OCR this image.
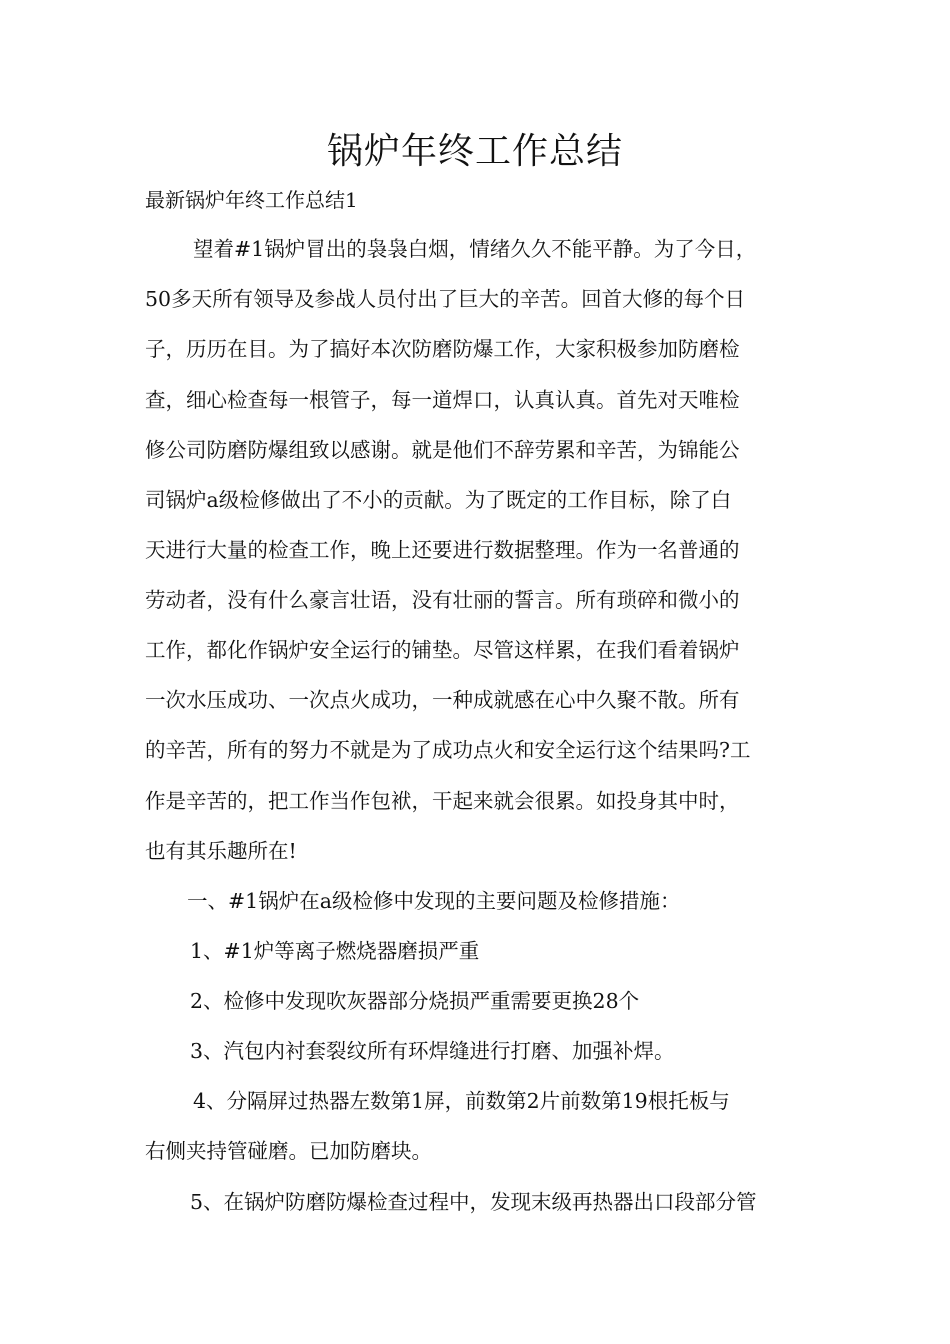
锅炉年终工作总结
最新锅炉年终工作总结1
望着#1锅炉冒出的袅袅白烟，情绪久久不能平静。为了今日，
50多天所有领导及参战人员付出了巨大的辛苦。回首大修的每个日
子，历历在目。为了搞好本次防磨防爆工作，大家积极参加防磨检
查，细心检查每一根管子，每一道焊口，认真认真。首先对天唯检
修公司防磨防爆组致以感谢。就是他们不辞劳累和辛苦，为锦能公
司锅炉a级检修做出了不小的贡献。为了既定的工作目标，除了白
天进行大量的检查工作，晚上还要进行数据整理。作为一名普通的
劳动者，没有什么豪言壮语，没有壮丽的誓言。所有琐碎和微小的
工作，都化作锅炉安全运行的铺垫。尽管这样累，在我们看着锅炉
一次水压成功、一次点火成功，一种成就感在心中久聚不散。所有
的辛苦，所有的努力不就是为了成功点火和安全运行这个结果吗?工
作是辛苦的，把工作当作包袱，干起来就会很累。如投身其中时，
也有其乐趣所在!
一、#1锅炉在a级检修中发现的主要问题及检修措施：
1、#1炉等离子燃烧器磨损严重
2、检修中发现吹灰器部分烧损严重需要更换28个
3、汽包内衬套裂纹所有环焊缝进行打磨、加强补焊。
4、分隔屏过热器左数第1屏，前数第2片前数第19根托板与
右侧夹持管碰磨。已加防磨块。
5、在锅炉防磨防爆检查过程中，发现末级再热器出口段部分管
